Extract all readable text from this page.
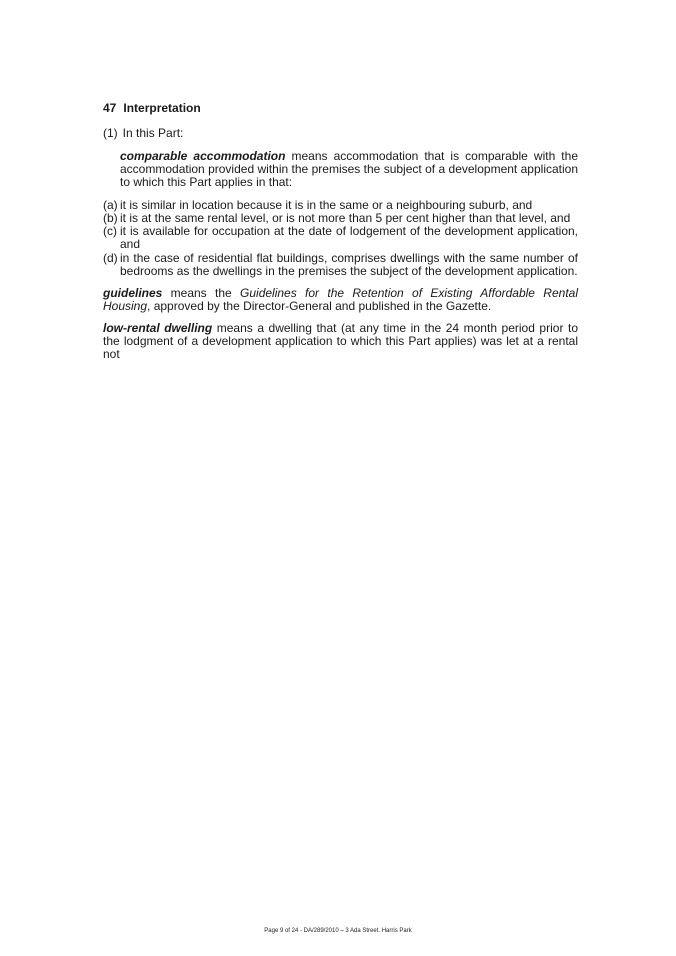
47 Interpretation

(1) In this Part:

comparable accommodation means accommodation that is comparable with the accommodation provided within the premises the subject of a development application to which this Part applies in that:

(a) it is similar in location because it is in the same or a neighbouring suburb, and
(b) it is at the same rental level, or is not more than 5 per cent higher than that level, and
(c) it is available for occupation at the date of lodgement of the development application, and
(d) in the case of residential flat buildings, comprises dwellings with the same number of bedrooms as the dwellings in the premises the subject of the development application.

guidelines means the Guidelines for the Retention of Existing Affordable Rental Housing, approved by the Director-General and published in the Gazette.

low-rental dwelling means a dwelling that (at any time in the 24 month period prior to the lodgment of a development application to which this Part applies) was let at a rental not

Page 9 of 24 - DA/289/2010 – 3 Ada Street. Harris Park
